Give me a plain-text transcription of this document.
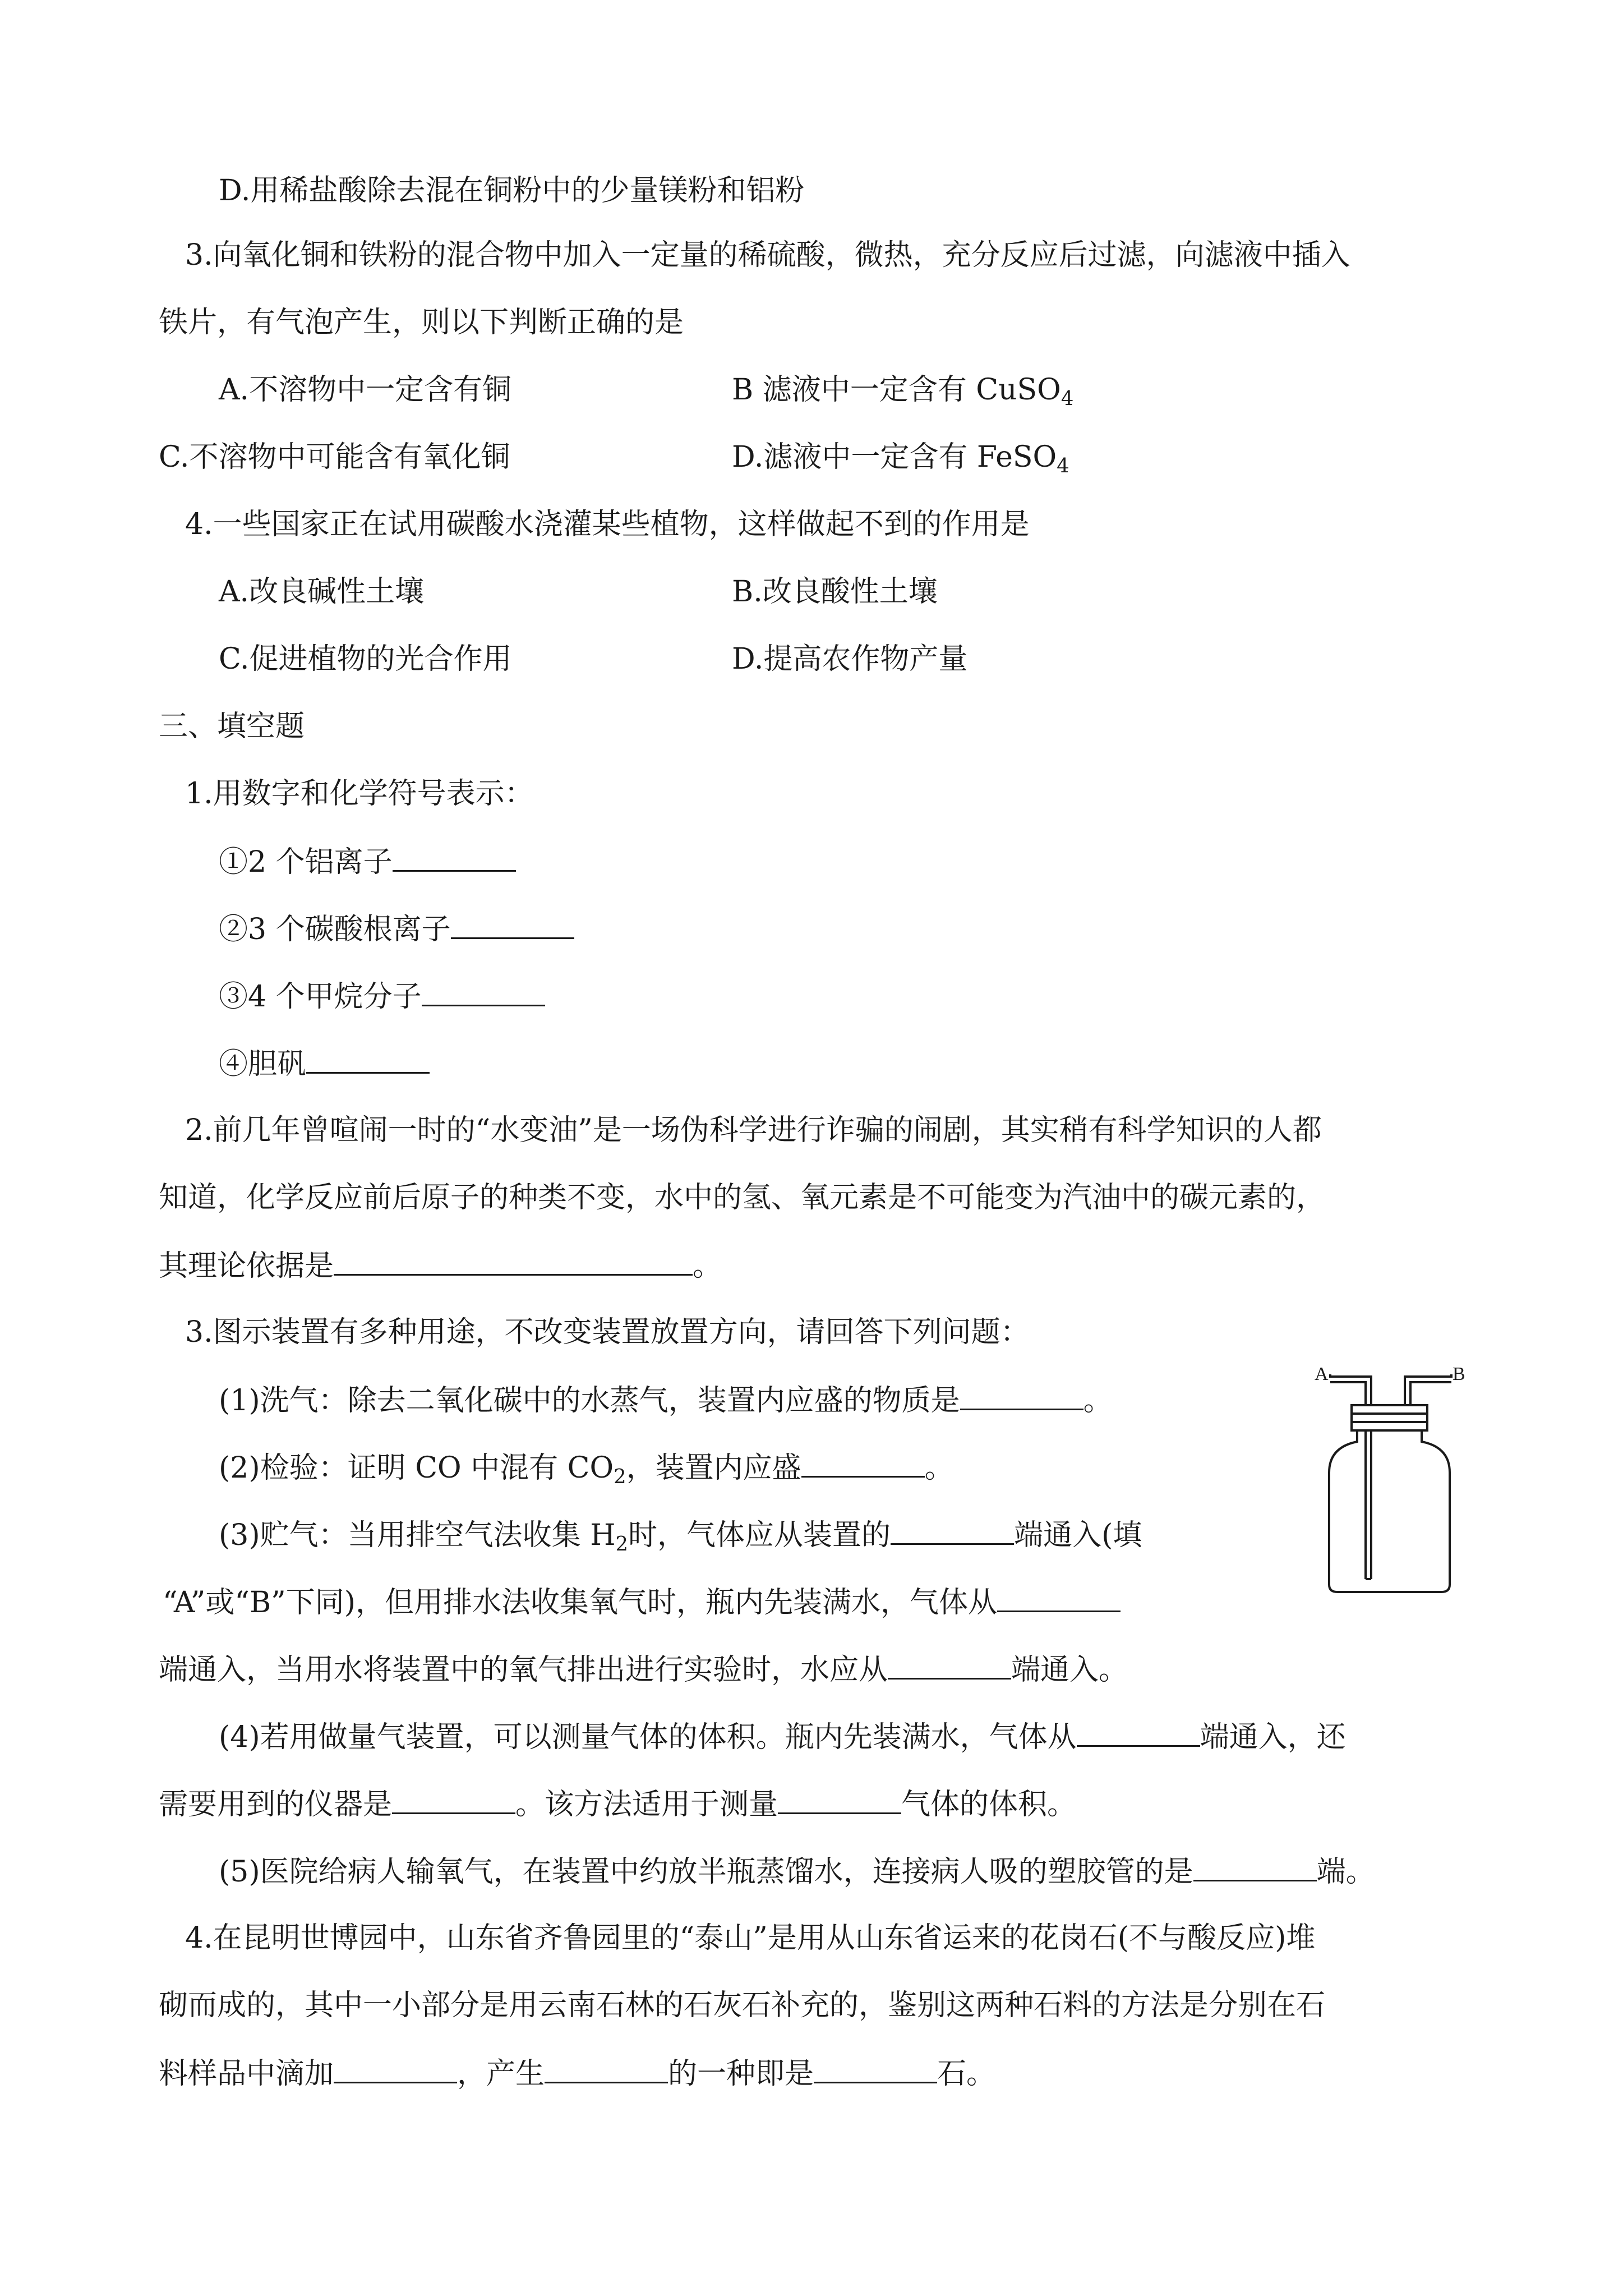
D.用稀盐酸除去混在铜粉中的少量镁粉和铝粉
3.向氧化铜和铁粉的混合物中加入一定量的稀硫酸，微热，充分反应后过滤，向滤液中插入
铁片，有气泡产生，则以下判断正确的是
A.不溶物中一定含有铜	B 滤液中一定含有 CuSO$_4$
C.不溶物中可能含有氧化铜	D.滤液中一定含有 FeSO$_4$
4.一些国家正在试用碳酸水浇灌某些植物，这样做起不到的作用是
A.改良碱性土壤	B.改良酸性土壤
C.促进植物的光合作用	D.提高农作物产量
三、填空题
1.用数字和化学符号表示：
①2 个铝离子
②3 个碳酸根离子
③4 个甲烷分子
④胆矾
2.前几年曾喧闹一时的“水变油”是一场伪科学进行诈骗的闹剧，其实稍有科学知识的人都
知道，化学反应前后原子的种类不变，水中的氢、氧元素是不可能变为汽油中的碳元素的，
其理论依据是	。
3.图示装置有多种用途，不改变装置放置方向，请回答下列问题：
(1)洗气：除去二氧化碳中的水蒸气，装置内应盛的物质是	。
(2)检验：证明 CO 中混有 $CO_2$，装置内应盛	。
(3)贮气：当用排空气法收集 $H_2$时，气体应从装置的	端通入(填
“A”或“B”下同)，但用排水法收集氧气时，瓶内先装满水，气体从
端通入，当用水将装置中的氧气排出进行实验时，水应从	端通入。
(4)若用做量气装置，可以测量气体的体积。瓶内先装满水，气体从	端通入，还
需要用到的仪器是	。该方法适用于测量	气体的体积。
(5)医院给病人输氧气，在装置中约放半瓶蒸馏水，连接病人吸的塑胶管的是	端。
A	B
4.在昆明世博园中，山东省齐鲁园里的“泰山”是用从山东省运来的花岗石(不与酸反应)堆
砌而成的，其中一小部分是用云南石林的石灰石补充的，鉴别这两种石料的方法是分别在石
料样品中滴加	，产生	的一种即是	石。
